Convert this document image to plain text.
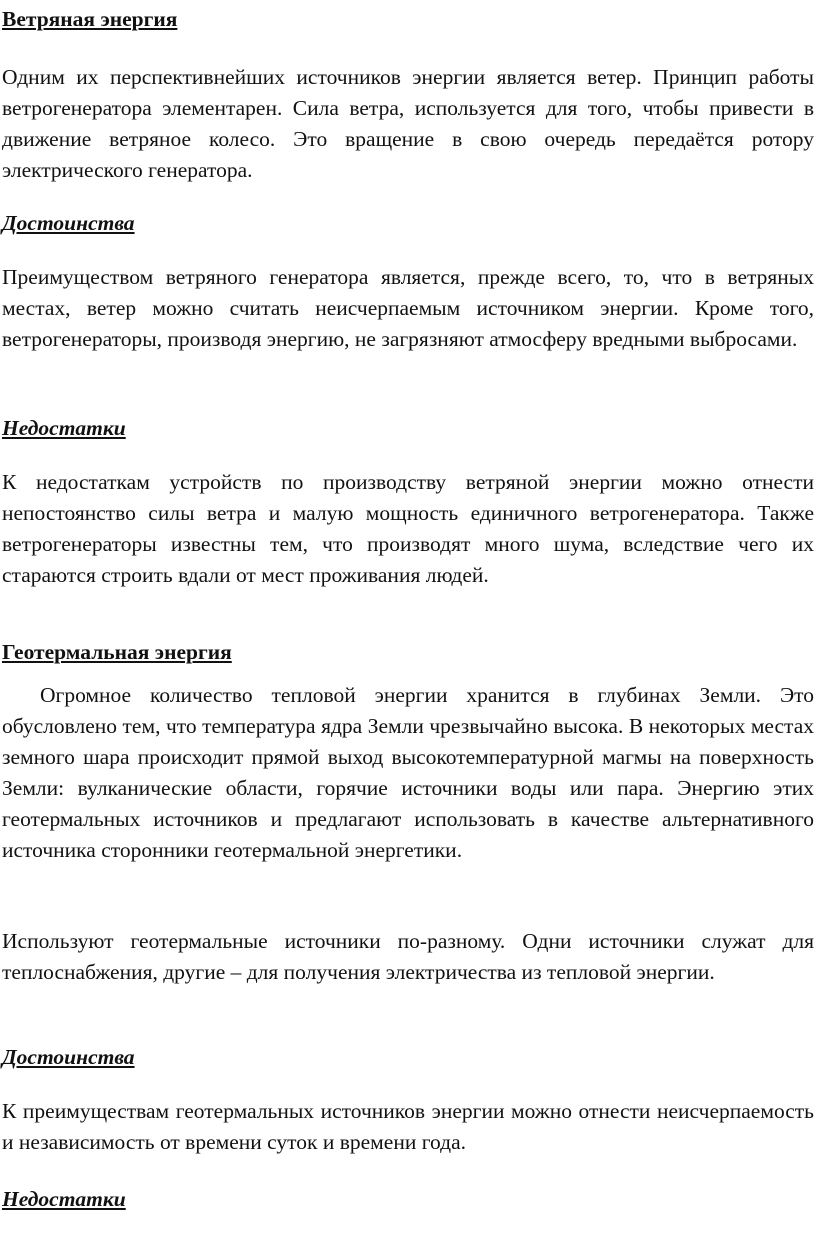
Ветряная энергия

Одним их перспективнейших источников энергии является ветер. Принцип работы ветрогенератора элементарен. Сила ветра, используется для того, чтобы привести в движение ветряное колесо. Это вращение в свою очередь передаётся ротору электрического генератора.

Достоинства

Преимуществом ветряного генератора является, прежде всего, то, что в ветряных местах, ветер можно считать неисчерпаемым источником энергии. Кроме того, ветрогенераторы, производя энергию, не загрязняют атмосферу вредными выбросами.

Недостатки

К недостаткам устройств по производству ветряной энергии можно отнести непостоянство силы ветра и малую мощность единичного ветрогенератора. Также ветрогенераторы известны тем, что производят много шума, вследствие чего их стараются строить вдали от мест проживания людей.

Геотермальная энергия

Огромное количество тепловой энергии хранится в глубинах Земли. Это обусловлено тем, что температура ядра Земли чрезвычайно высока. В некоторых местах земного шара происходит прямой выход высокотемпературной магмы на поверхность Земли: вулканические области, горячие источники воды или пара. Энергию этих геотермальных источников и предлагают использовать в качестве альтернативного источника сторонники геотермальной энергетики.

Используют геотермальные источники по-разному. Одни источники служат для теплоснабжения, другие – для получения электричества из тепловой энергии.

Достоинства

К преимуществам геотермальных источников энергии можно отнести неисчерпаемость и независимость от времени суток и времени года.

Недостатки
